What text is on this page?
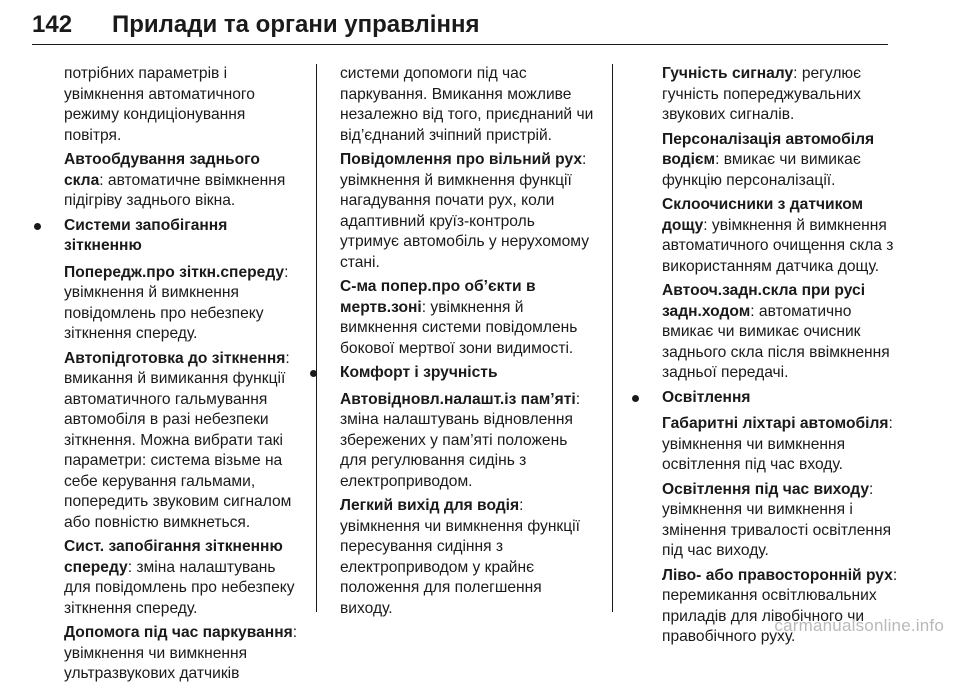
142	Прилади та органи управління

потрібних параметрів і увімкнення автоматичного режиму кондиціонування повітря.

Автообдування заднього скла: автоматичне ввімкнення підігріву заднього вікна.

Системи запобігання зіткненню

Попередж.про зіткн.спереду: увімкнення й вимкнення повідомлень про небезпеку зіткнення спереду.

Автопідготовка до зіткнення: вмикання й вимикання функції автоматичного гальмування автомобіля в разі небезпеки зіткнення. Можна вибрати такі параметри: система візьме на себе керування гальмами, попередить звуковим сигналом або повністю вимкнеться.

Сист. запобігання зіткненню спереду: зміна налаштувань для повідомлень про небезпеку зіткнення спереду.

Допомога під час паркування: увімкнення чи вимкнення ультразвукових датчиків

системи допомоги під час паркування. Вмикання можливе незалежно від того, приєднаний чи від’єднаний зчіпний пристрій.

Повідомлення про вільний рух: увімкнення й вимкнення функції нагадування почати рух, коли адаптивний круїз-контроль утримує автомобіль у нерухомому стані.

С-ма попер.про об’єкти в мертв.зоні: увімкнення й вимкнення системи повідомлень бокової мертвої зони видимості.

Комфорт і зручність

Автовідновл.налашт.із пам’яті: зміна налаштувань відновлення збережених у пам’яті положень для регулювання сидінь з електроприводом.

Легкий вихід для водія: увімкнення чи вимкнення функції пересування сидіння з електроприводом у крайнє положення для полегшення виходу.

Гучність сигналу: регулює гучність попереджувальних звукових сигналів.

Персоналізація автомобіля водієм: вмикає чи вимикає функцію персоналізації.

Склоочисники з датчиком дощу: увімкнення й вимкнення автоматичного очищення скла з використанням датчика дощу.

Автооч.задн.скла при русі задн.ходом: автоматично вмикає чи вимикає очисник заднього скла після ввімкнення задньої передачі.

Освітлення

Габаритні ліхтарі автомобіля: увімкнення чи вимкнення освітлення під час входу.

Освітлення під час виходу: увімкнення чи вимкнення і змінення тривалості освітлення під час виходу.

Ліво- або правосторонній рух: перемикання освітлювальних приладів для лівобічного чи правобічного руху.

carmanualsonline.info
